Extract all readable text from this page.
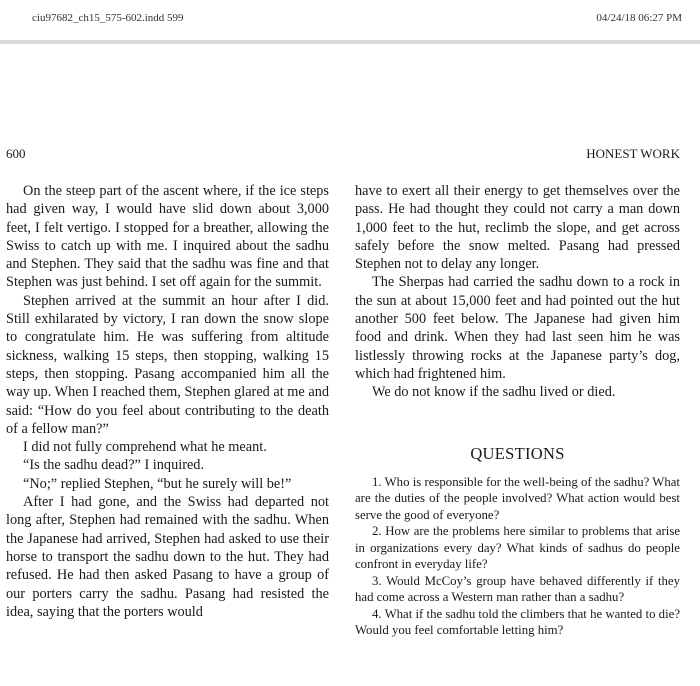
ciu97682_ch15_575-602.indd 599	04/24/18 06:27 PM
600	HONEST WORK

On the steep part of the ascent where, if the ice steps had given way, I would have slid down about 3,000 feet, I felt vertigo. I stopped for a breather, allowing the Swiss to catch up with me. I inquired about the sadhu and Stephen. They said that the sadhu was fine and that Stephen was just behind. I set off again for the summit.

Stephen arrived at the summit an hour after I did. Still exhilarated by victory, I ran down the snow slope to congratulate him. He was suffering from altitude sickness, walking 15 steps, then stopping, walking 15 steps, then stopping. Pasang accompanied him all the way up. When I reached them, Stephen glared at me and said: “How do you feel about contributing to the death of a fellow man?”

I did not fully comprehend what he meant.

“Is the sadhu dead?” I inquired.

“No;” replied Stephen, “but he surely will be!”

After I had gone, and the Swiss had departed not long after, Stephen had remained with the sadhu. When the Japanese had arrived, Stephen had asked to use their horse to transport the sadhu down to the hut. They had refused. He had then asked Pasang to have a group of our porters carry the sadhu. Pasang had resisted the idea, saying that the porters would

have to exert all their energy to get themselves over the pass. He had thought they could not carry a man down 1,000 feet to the hut, reclimb the slope, and get across safely before the snow melted. Pasang had pressed Stephen not to delay any longer.

The Sherpas had carried the sadhu down to a rock in the sun at about 15,000 feet and had pointed out the hut another 500 feet below. The Japanese had given him food and drink. When they had last seen him he was listlessly throwing rocks at the Japanese party’s dog, which had frightened him.

We do not know if the sadhu lived or died.

QUESTIONS

1. Who is responsible for the well-being of the sadhu? What are the duties of the people involved? What action would best serve the good of everyone?

2. How are the problems here similar to problems that arise in organizations every day? What kinds of sadhus do people confront in everyday life?

3. Would McCoy’s group have behaved differently if they had come across a Western man rather than a sadhu?

4. What if the sadhu told the climbers that he wanted to die? Would you feel comfortable letting him?
